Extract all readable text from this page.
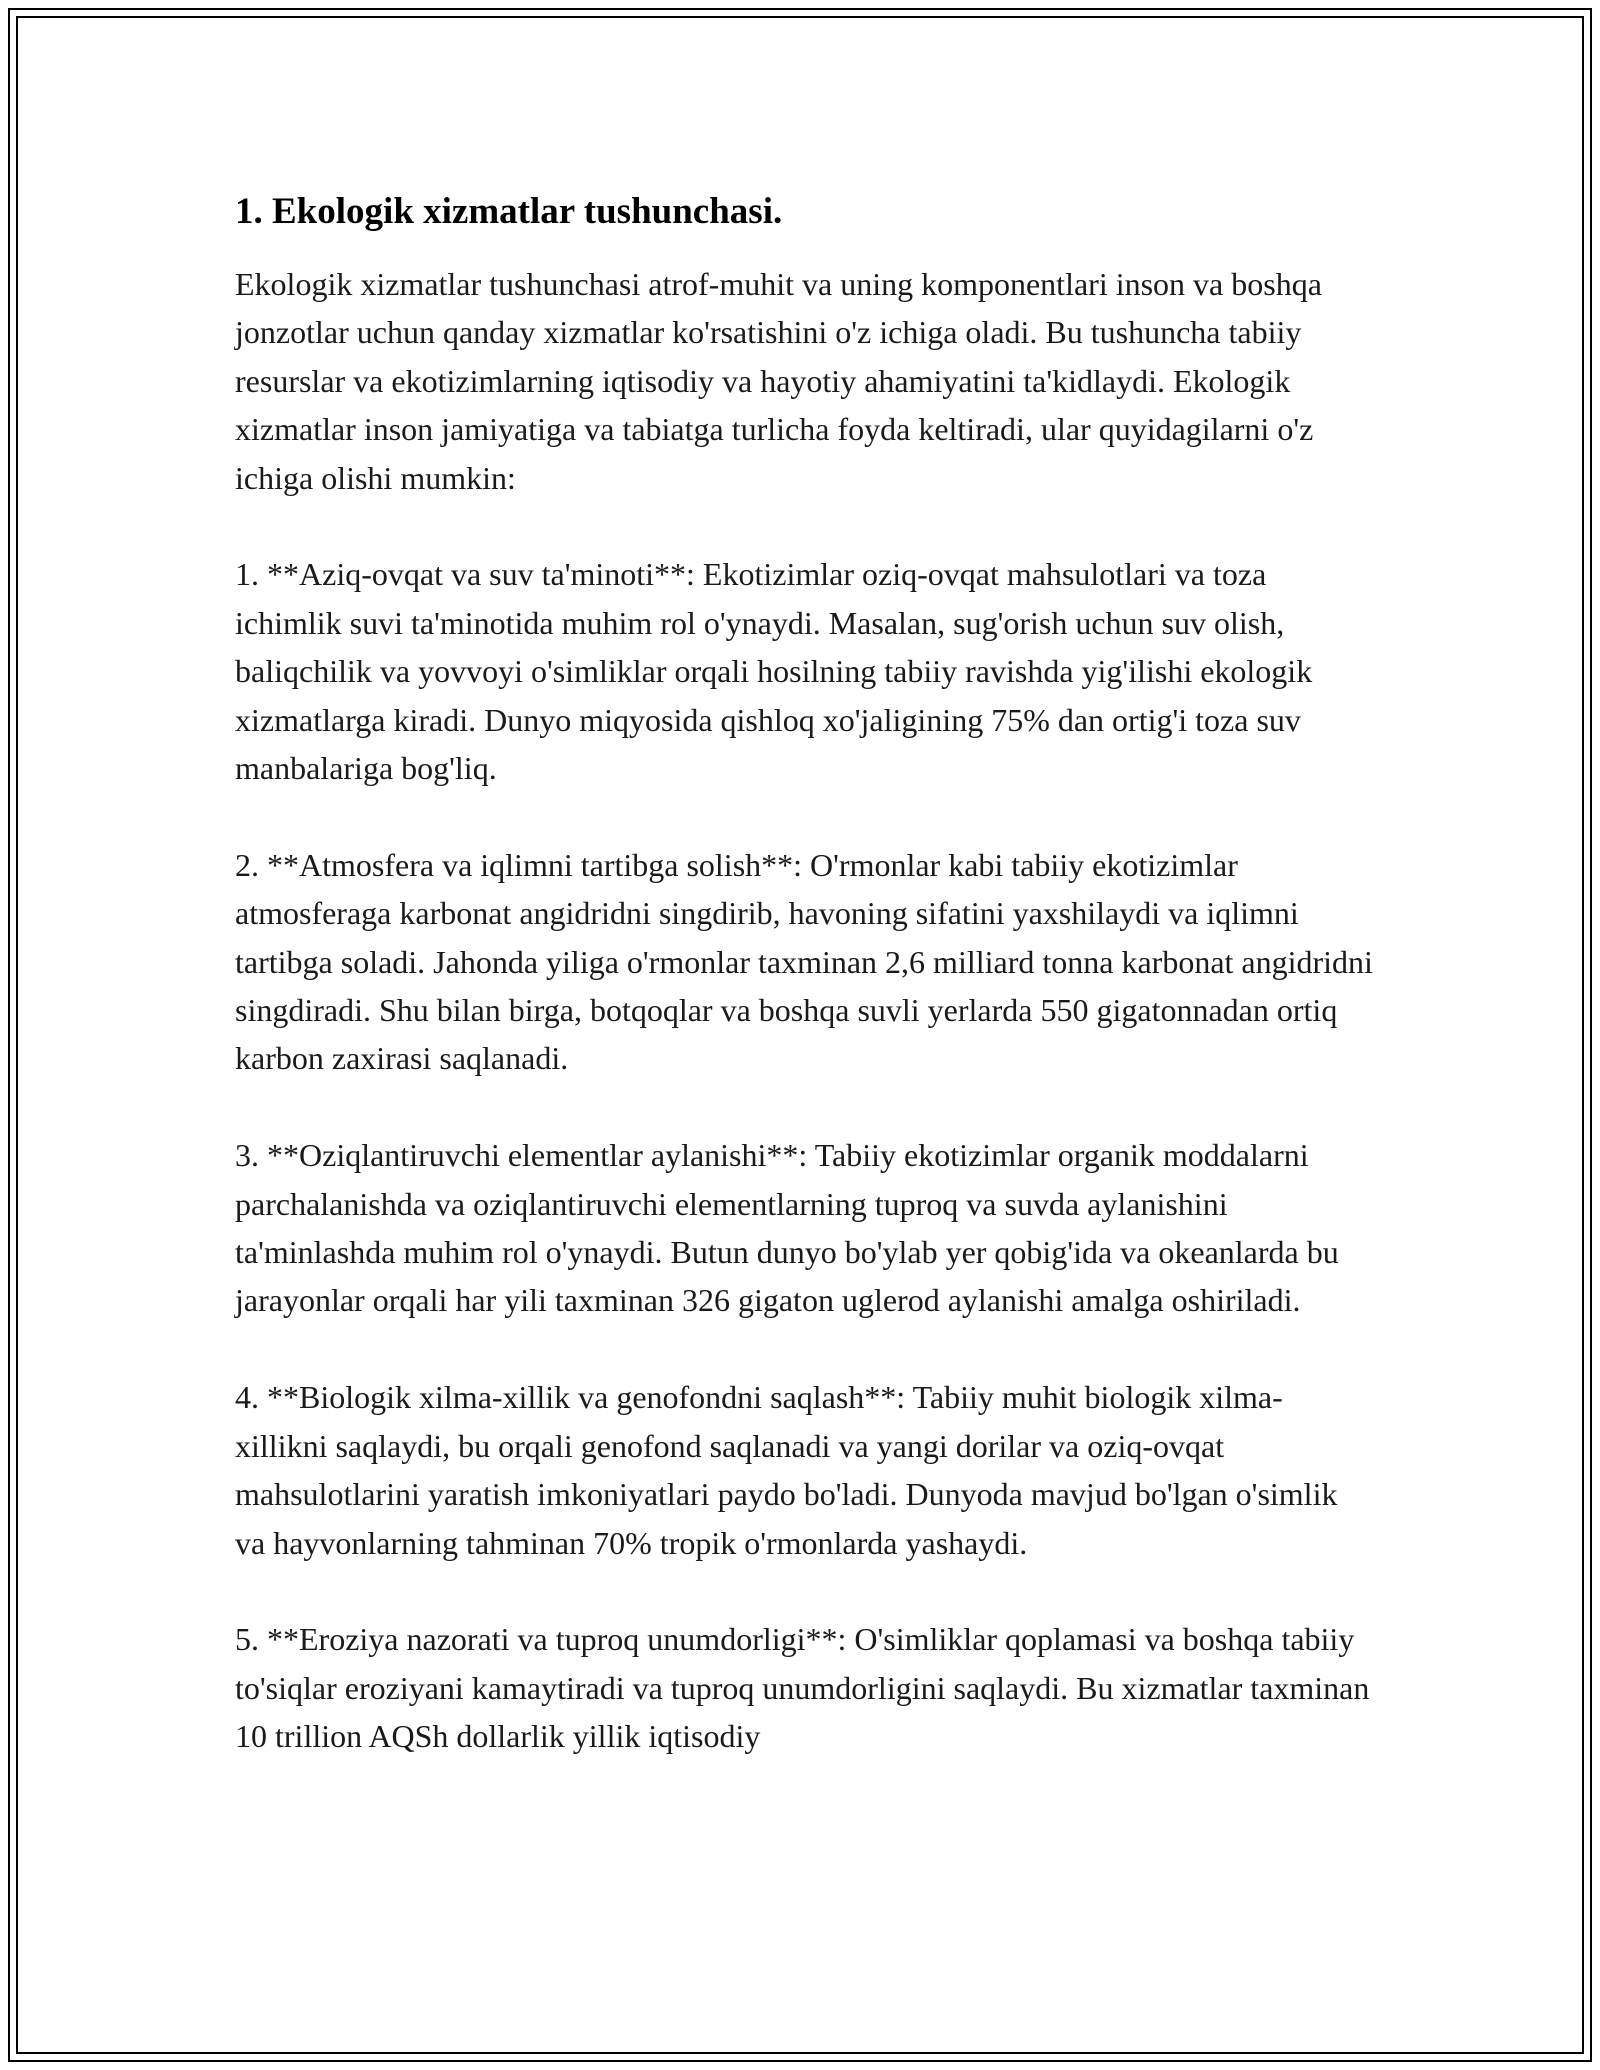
1. Ekologik xizmatlar tushunchasi.

Ekologik xizmatlar tushunchasi atrof-muhit va uning komponentlari inson va boshqa jonzotlar uchun qanday xizmatlar ko'rsatishini o'z ichiga oladi. Bu tushuncha tabiiy resurslar va ekotizimlarning iqtisodiy va hayotiy ahamiyatini ta'kidlaydi. Ekologik xizmatlar inson jamiyatiga va tabiatga turlicha foyda keltiradi, ular quyidagilarni o'z ichiga olishi mumkin:

1. **Aziq-ovqat va suv ta'minoti**: Ekotizimlar oziq-ovqat mahsulotlari va toza ichimlik suvi ta'minotida muhim rol o'ynaydi. Masalan, sug'orish uchun suv olish, baliqchilik va yovvoyi o'simliklar orqali hosilning tabiiy ravishda yig'ilishi ekologik xizmatlarga kiradi. Dunyo miqyosida qishloq xo'jaligining 75% dan ortig'i toza suv manbalariga bog'liq.

2. **Atmosfera va iqlimni tartibga solish**: O'rmonlar kabi tabiiy ekotizimlar atmosferaga karbonat angidridni singdirib, havoning sifatini yaxshilaydi va iqlimni tartibga soladi. Jahonda yiliga o'rmonlar taxminan 2,6 milliard tonna karbonat angidridni singdiradi. Shu bilan birga, botqoqlar va boshqa suvli yerlarda 550 gigatonnadan ortiq karbon zaxirasi saqlanadi.

3. **Oziqlantiruvchi elementlar aylanishi**: Tabiiy ekotizimlar organik moddalarni parchalanishda va oziqlantiruvchi elementlarning tuproq va suvda aylanishini ta'minlashda muhim rol o'ynaydi. Butun dunyo bo'ylab yer qobig'ida va okeanlarda bu jarayonlar orqali har yili taxminan 326 gigaton uglerod aylanishi amalga oshiriladi.

4. **Biologik xilma-xillik va genofondni saqlash**: Tabiiy muhit biologik xilma-xillikni saqlaydi, bu orqali genofond saqlanadi va yangi dorilar va oziq-ovqat mahsulotlarini yaratish imkoniyatlari paydo bo'ladi. Dunyoda mavjud bo'lgan o'simlik va hayvonlarning tahminan 70% tropik o'rmonlarda yashaydi.

5. **Eroziya nazorati va tuproq unumdorligi**: O'simliklar qoplamasi va boshqa tabiiy to'siqlar eroziyani kamaytiradi va tuproq unumdorligini saqlaydi. Bu xizmatlar taxminan 10 trillion AQSh dollarlik yillik iqtisodiy
